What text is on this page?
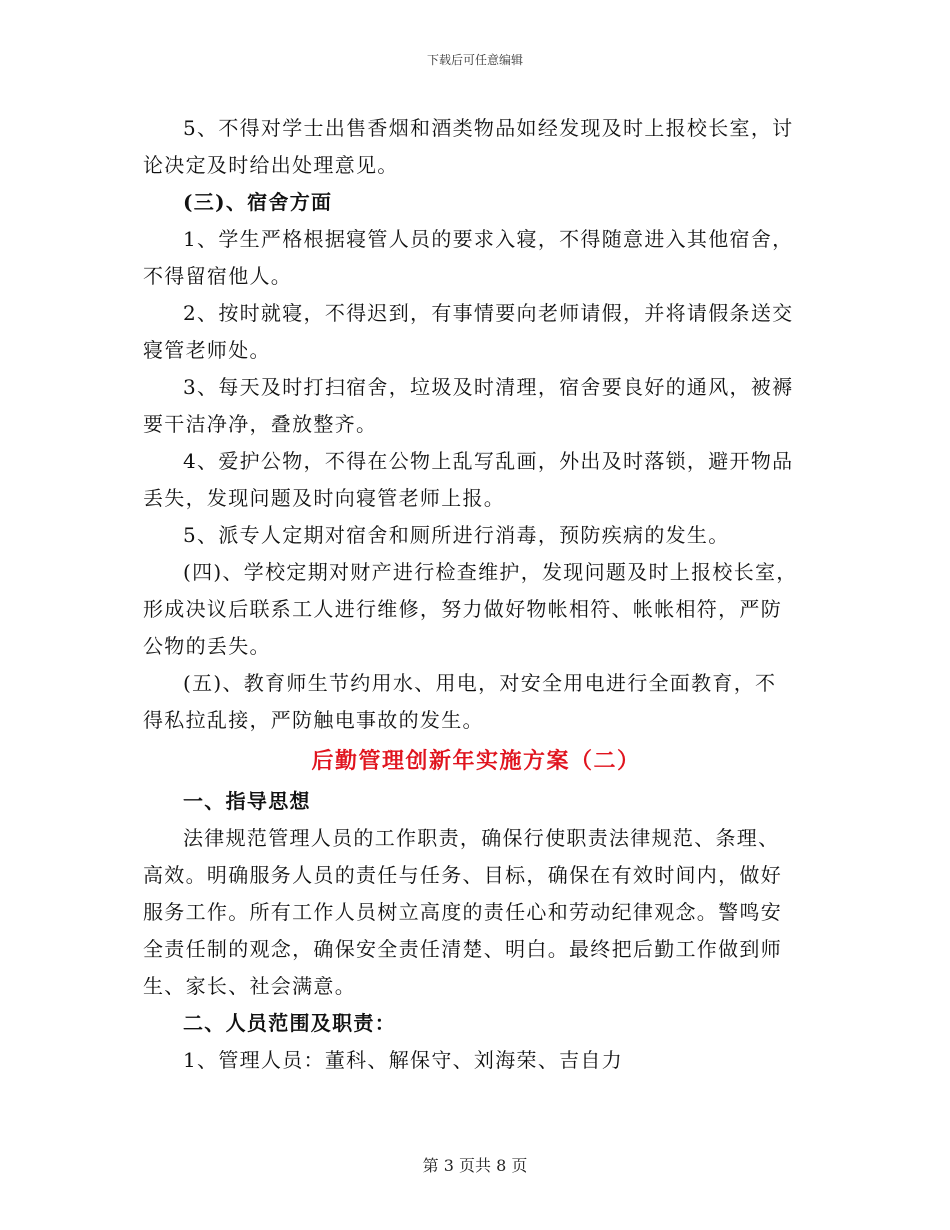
下载后可任意编辑

5、不得对学士出售香烟和酒类物品如经发现及时上报校长室，讨
论决定及时给出处理意见。

(三)、宿舍方面

1、学生严格根据寝管人员的要求入寝，不得随意进入其他宿舍，
不得留宿他人。

2、按时就寝，不得迟到，有事情要向老师请假，并将请假条送交
寝管老师处。

3、每天及时打扫宿舍，垃圾及时清理，宿舍要良好的通风，被褥
要干洁净净，叠放整齐。

4、爱护公物，不得在公物上乱写乱画，外出及时落锁，避开物品
丢失，发现问题及时向寝管老师上报。

5、派专人定期对宿舍和厕所进行消毒，预防疾病的发生。

(四)、学校定期对财产进行检查维护，发现问题及时上报校长室，
形成决议后联系工人进行维修，努力做好物帐相符、帐帐相符，严防
公物的丢失。

(五)、教育师生节约用水、用电，对安全用电进行全面教育，不
得私拉乱接，严防触电事故的发生。

后勤管理创新年实施方案（二）

一、指导思想

法律规范管理人员的工作职责，确保行使职责法律规范、条理、
高效。明确服务人员的责任与任务、目标，确保在有效时间内，做好
服务工作。所有工作人员树立高度的责任心和劳动纪律观念。警鸣安
全责任制的观念，确保安全责任清楚、明白。最终把后勤工作做到师
生、家长、社会满意。

二、人员范围及职责：

1、管理人员：董科、解保守、刘海荣、吉自力

第 3 页共 8 页
